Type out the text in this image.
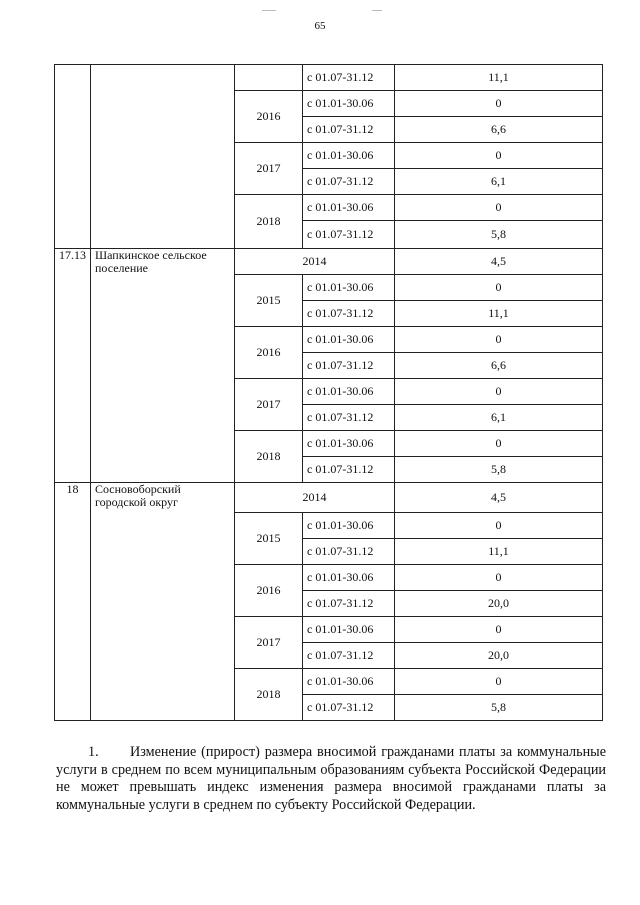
65
			с 01.07-31.12	11,1
		2016	с 01.01-30.06	0
			с 01.07-31.12	6,6
		2017	с 01.01-30.06	0
			с 01.07-31.12	6,1
		2018	с 01.01-30.06	0
			с 01.07-31.12	5,8
17.13	Шапкинское сельское поселение	2014		4,5
		2015	с 01.01-30.06	0
			с 01.07-31.12	11,1
		2016	с 01.01-30.06	0
			с 01.07-31.12	6,6
		2017	с 01.01-30.06	0
			с 01.07-31.12	6,1
		2018	с 01.01-30.06	0
			с 01.07-31.12	5,8
18	Сосновоборский городской округ	2014		4,5
		2015	с 01.01-30.06	0
			с 01.07-31.12	11,1
		2016	с 01.01-30.06	0
			с 01.07-31.12	20,0
		2017	с 01.01-30.06	0
			с 01.07-31.12	20,0
		2018	с 01.01-30.06	0
			с 01.07-31.12	5,8
1. Изменение (прирост) размера вносимой гражданами платы за коммунальные услуги в среднем по всем муниципальным образованиям субъекта Российской Федерации не может превышать индекс изменения размера вносимой гражданами платы за коммунальные услуги в среднем по субъекту Российской Федерации.
